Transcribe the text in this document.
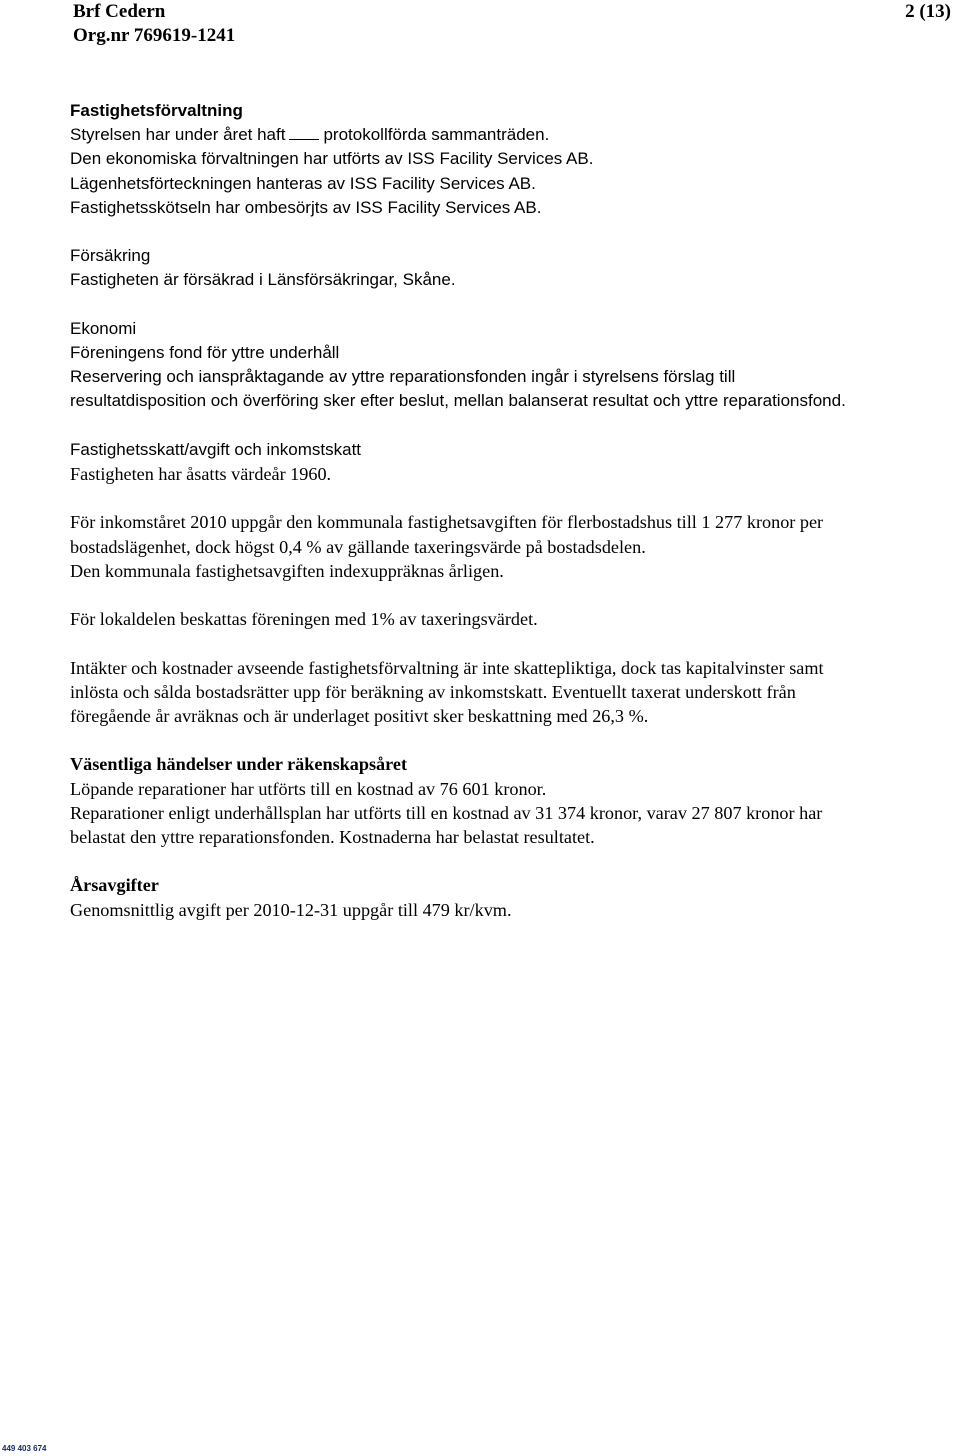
Brf Cedern
Org.nr 769619-1241
2 (13)
Fastighetsförvaltning
Styrelsen har under året haft protokollförda sammanträden.
Den ekonomiska förvaltningen har utförts av ISS Facility Services AB.
Lägenhetsförteckningen hanteras av ISS Facility Services AB.
Fastighetsskötseln har ombesörjts av ISS Facility Services AB.
Försäkring
Fastigheten är försäkrad i Länsförsäkringar, Skåne.
Ekonomi
Föreningens fond för yttre underhåll
Reservering och ianspråktagande av yttre reparationsfonden ingår i styrelsens förslag till
resultatdisposition och överföring sker efter beslut, mellan balanserat resultat och yttre reparationsfond.
Fastighetsskatt/avgift och inkomstskatt
Fastigheten har åsatts värdeår 1960.
För inkomståret 2010 uppgår den kommunala fastighetsavgiften för flerbostadshus till 1 277 kronor per
bostadslägenhet, dock högst 0,4 % av gällande taxeringsvärde på bostadsdelen.
Den kommunala fastighetsavgiften indexuppräknas årligen.
För lokaldelen beskattas föreningen med 1% av taxeringsvärdet.
Intäkter och kostnader avseende fastighetsförvaltning är inte skattepliktiga, dock tas kapitalvinster samt
inlösta och sålda bostadsrätter upp för beräkning av inkomstskatt. Eventuellt taxerat underskott från
föregående år avräknas och är underlaget positivt sker beskattning med 26,3 %.
Väsentliga händelser under räkenskapsåret
Löpande reparationer har utförts till en kostnad av 76 601 kronor.
Reparationer enligt underhållsplan har utförts till en kostnad av 31 374 kronor, varav 27 807 kronor har
belastat den yttre reparationsfonden. Kostnaderna har belastat resultatet.
Årsavgifter
Genomsnittlig avgift per 2010-12-31 uppgår till 479 kr/kvm.
449 403 674
